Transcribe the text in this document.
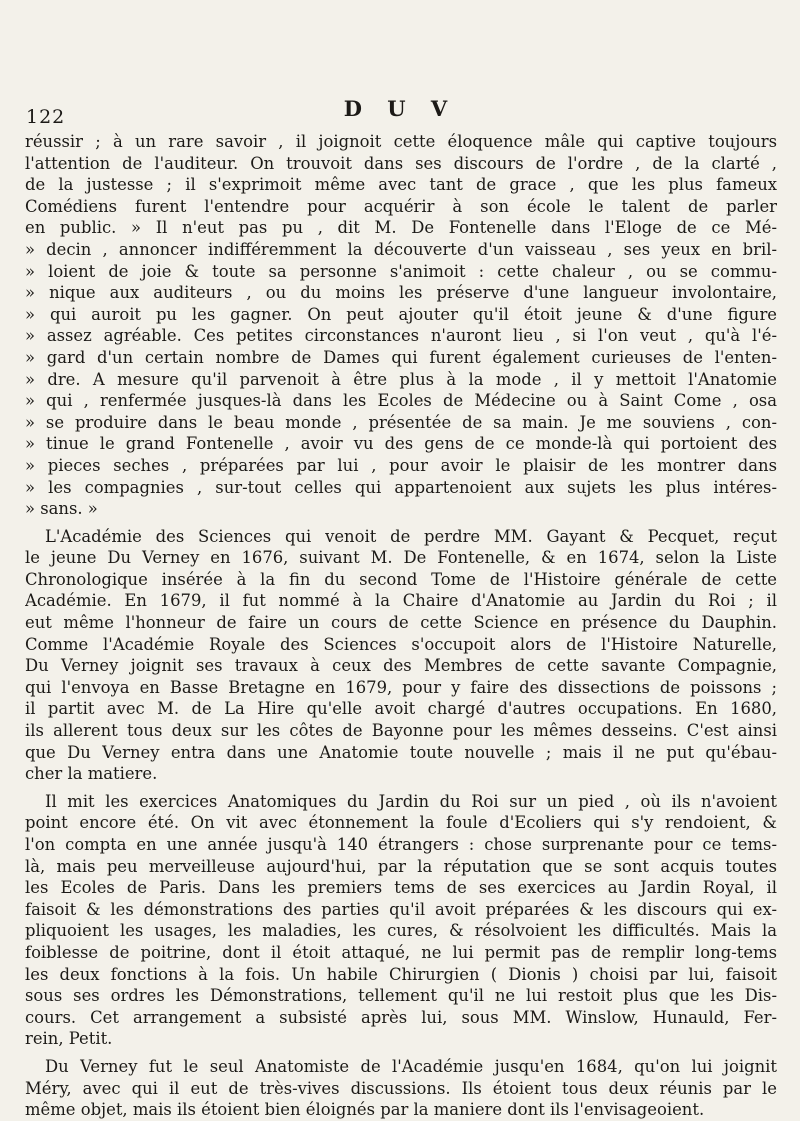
122	D U V
réussir ; à un rare savoir , il joignoit cette éloquence mâle qui captive toujours
l'attention de l'auditeur. On trouvoit dans ses discours de l'ordre , de la clarté ,
de la justesse ; il s'exprimoit même avec tant de grace , que les plus fameux
Comédiens furent l'entendre pour acquérir à son école le talent de parler
en public. » Il n'eut pas pu , dit M. De Fontenelle dans l'Eloge de ce Mé-
» decin , annoncer indifféremment la découverte d'un vaisseau , ses yeux en bril-
» loient de joie & toute sa personne s'animoit : cette chaleur , ou se commu-
» nique aux auditeurs , ou du moins les préserve d'une langueur involontaire,
» qui auroit pu les gagner. On peut ajouter qu'il étoit jeune & d'une figure
» assez agréable. Ces petites circonstances n'auront lieu , si l'on veut , qu'à l'é-
» gard d'un certain nombre de Dames qui furent également curieuses de l'enten-
» dre. A mesure qu'il parvenoit à être plus à la mode , il y mettoit l'Anatomie
» qui , renfermée jusques-là dans les Ecoles de Médecine ou à Saint Come , osa
» se produire dans le beau monde , présentée de sa main. Je me souviens , con-
» tinue le grand Fontenelle , avoir vu des gens de ce monde-là qui portoient des
» pieces seches , préparées par lui , pour avoir le plaisir de les montrer dans
» les compagnies , sur-tout celles qui appartenoient aux sujets les plus intéres-
» sans. »
L'Académie des Sciences qui venoit de perdre MM. Gayant & Pecquet, reçut
le jeune Du Verney en 1676, suivant M. De Fontenelle, & en 1674, selon la Liste
Chronologique insérée à la fin du second Tome de l'Histoire générale de cette
Académie. En 1679, il fut nommé à la Chaire d'Anatomie au Jardin du Roi ; il
eut même l'honneur de faire un cours de cette Science en présence du Dauphin.
Comme l'Académie Royale des Sciences s'occupoit alors de l'Histoire Naturelle,
Du Verney joignit ses travaux à ceux des Membres de cette savante Compagnie,
qui l'envoya en Basse Bretagne en 1679, pour y faire des dissections de poissons ;
il partit avec M. de La Hire qu'elle avoit chargé d'autres occupations. En 1680,
ils allerent tous deux sur les côtes de Bayonne pour les mêmes desseins. C'est ainsi
que Du Verney entra dans une Anatomie toute nouvelle ; mais il ne put qu'ébau-
cher la matiere.
Il mit les exercices Anatomiques du Jardin du Roi sur un pied , où ils n'avoient
point encore été. On vit avec étonnement la foule d'Ecoliers qui s'y rendoient, &
l'on compta en une année jusqu'à 140 étrangers : chose surprenante pour ce tems-
là, mais peu merveilleuse aujourd'hui, par la réputation que se sont acquis toutes
les Ecoles de Paris. Dans les premiers tems de ses exercices au Jardin Royal, il
faisoit & les démonstrations des parties qu'il avoit préparées & les discours qui ex-
pliquoient les usages, les maladies, les cures, & résolvoient les difficultés. Mais la
foiblesse de poitrine, dont il étoit attaqué, ne lui permit pas de remplir long-tems
les deux fonctions à la fois. Un habile Chirurgien ( Dionis ) choisi par lui, faisoit
sous ses ordres les Démonstrations, tellement qu'il ne lui restoit plus que les Dis-
cours. Cet arrangement a subsisté après lui, sous MM. Winslow, Hunauld, Fer-
rein, Petit.
Du Verney fut le seul Anatomiste de l'Académie jusqu'en 1684, qu'on lui joignit
Méry, avec qui il eut de très-vives discussions. Ils étoient tous deux réunis par le
même objet, mais ils étoient bien éloignés par la maniere dont ils l'envisageoient.
